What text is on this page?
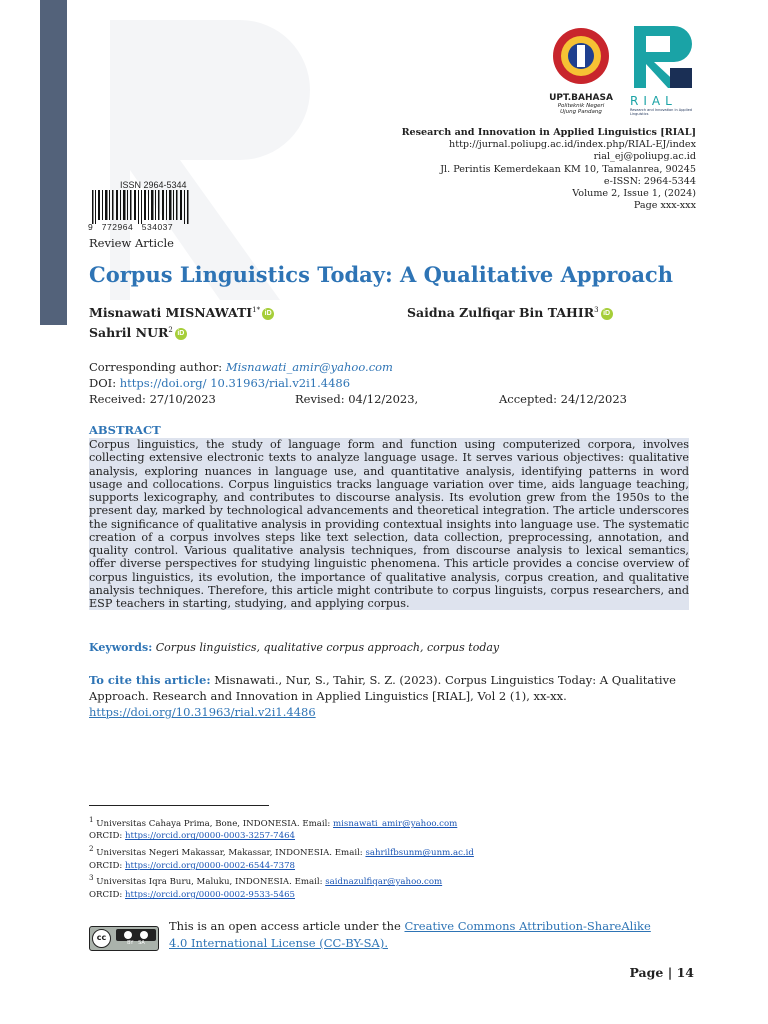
UPT.BAHASA
Politeknik Negeri
Ujung Pandang
RIAL
Research and Innovation in Applied Linguistics
Research and Innovation in Applied Linguistics [RIAL]
http://jurnal.poliupg.ac.id/index.php/RIAL-EJ/index
rial_ej@poliupg.ac.id
Jl. Perintis Kemerdekaan KM 10, Tamalanrea, 90245
e-ISSN: 2964-5344
Volume 2, Issue 1, (2024)
Page xxx-xxx
ISSN 2964-5344
9   772964   534037
Review Article
Corpus Linguistics Today: A Qualitative Approach
Misnawati $MISNAWATI^{1*}$ iD	Saidna Zulfiqar Bin TAHIR$^3$ iD
Sahril NUR$^2$ iD
Corresponding author: Misnawati_amir@yahoo.com
DOI: https://doi.org/ 10.31963/rial.v2i1.4486
Received: 27/10/2023	Revised: 04/12/2023,	Accepted: 24/12/2023
ABSTRACT
Corpus linguistics, the study of language form and function using computerized corpora, involves collecting extensive electronic texts to analyze language usage. It serves various objectives: qualitative analysis, exploring nuances in language use, and quantitative analysis, identifying patterns in word usage and collocations. Corpus linguistics tracks language variation over time, aids language teaching, supports lexicography, and contributes to discourse analysis. Its evolution grew from the 1950s to the present day, marked by technological advancements and theoretical integration. The article underscores the significance of qualitative analysis in providing contextual insights into language use. The systematic creation of a corpus involves steps like text selection, data collection, preprocessing, annotation, and quality control. Various qualitative analysis techniques, from discourse analysis to lexical semantics, offer diverse perspectives for studying linguistic phenomena. This article provides a concise overview of corpus linguistics, its evolution, the importance of qualitative analysis, corpus creation, and qualitative analysis techniques. Therefore, this article might contribute to corpus linguists, corpus researchers, and ESP teachers in starting, studying, and applying corpus.
Keywords: Corpus linguistics, qualitative corpus approach, corpus today
To cite this article: Misnawati., Nur, S., Tahir, S. Z. (2023). Corpus Linguistics Today: A Qualitative Approach. Research and Innovation in Applied Linguistics [RIAL], Vol 2 (1), xx-xx.
https://doi.org/10.31963/rial.v2i1.4486
$^1$ Universitas Cahaya Prima, Bone, INDONESIA. Email: misnawati_amir@yahoo.com
ORCID: https://orcid.org/0000-0003-3257-7464
$^2$ Universitas Negeri Makassar, Makassar, INDONESIA. Email: sahrilfbsunm@unm.ac.id
ORCID: https://orcid.org/0000-0002-6544-7378
$^3$ Universitas Iqra Buru, Maluku, INDONESIA. Email: saidnazulfiqar@yahoo.com
ORCID: https://orcid.org/0000-0002-9533-5465
cc
BY   SA
This is an open access article under the Creative Commons Attribution-ShareAlike 4.0 International License (CC-BY-SA).
Page | 14
